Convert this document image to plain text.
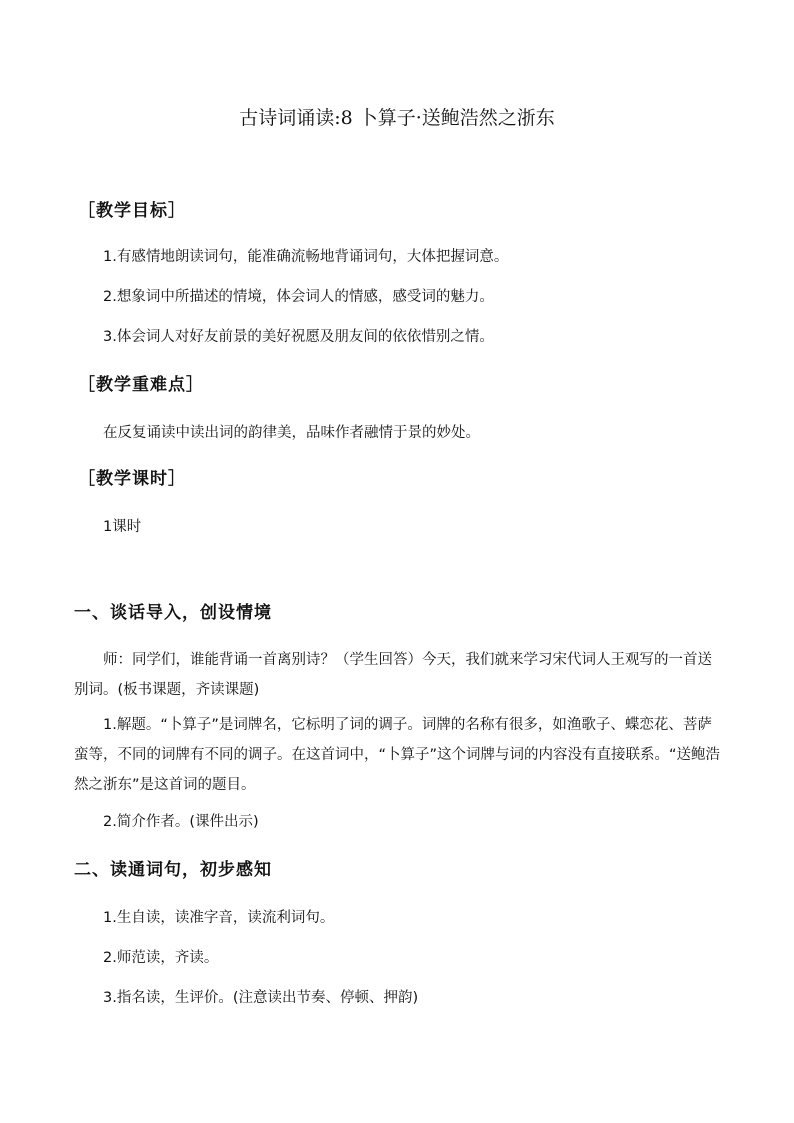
古诗词诵读:8 卜算子·送鲍浩然之浙东
［教学目标］
1.有感情地朗读词句，能准确流畅地背诵词句，大体把握词意。
2.想象词中所描述的情境，体会词人的情感，感受词的魅力。
3.体会词人对好友前景的美好祝愿及朋友间的依依惜别之情。
［教学重难点］
在反复诵读中读出词的韵律美，品味作者融情于景的妙处。
［教学课时］
1课时
一、谈话导入，创设情境
师：同学们，谁能背诵一首离别诗？（学生回答）今天，我们就来学习宋代词人王观写的一首送别词。(板书课题，齐读课题)
1.解题。“卜算子”是词牌名，它标明了词的调子。词牌的名称有很多，如渔歌子、蝶恋花、菩萨蛮等，不同的词牌有不同的调子。在这首词中，“卜算子”这个词牌与词的内容没有直接联系。“送鲍浩然之浙东”是这首词的题目。
2.简介作者。(课件出示)
二、读通词句，初步感知
1.生自读，读准字音，读流利词句。
2.师范读，齐读。
3.指名读，生评价。(注意读出节奏、停顿、押韵)
